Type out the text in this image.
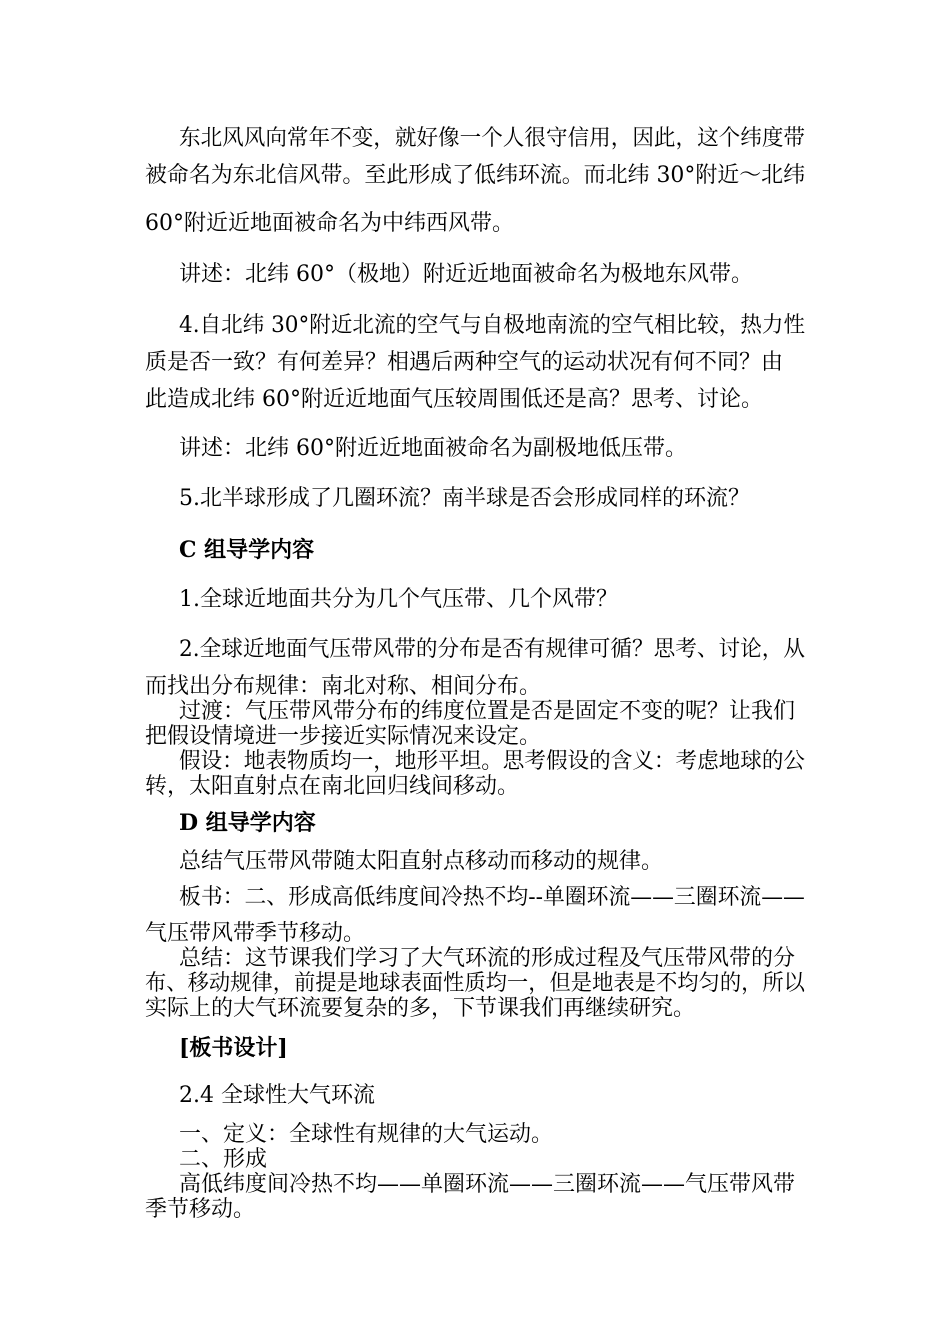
东北风风向常年不变，就好像一个人很守信用，因此，这个纬度带
被命名为东北信风带。至此形成了低纬环流。而北纬 30°附近～北纬
60°附近近地面被命名为中纬西风带。
讲述：北纬 60°（极地）附近近地面被命名为极地东风带。
4.自北纬 30°附近北流的空气与自极地南流的空气相比较，热力性
质是否一致？有何差异？相遇后两种空气的运动状况有何不同？由
此造成北纬 60°附近近地面气压较周围低还是高？思考、讨论。
讲述：北纬 60°附近近地面被命名为副极地低压带。
5.北半球形成了几圈环流？南半球是否会形成同样的环流？
C 组导学内容
1.全球近地面共分为几个气压带、几个风带？
2.全球近地面气压带风带的分布是否有规律可循？思考、讨论，从
而找出分布规律：南北对称、相间分布。
过渡：气压带风带分布的纬度位置是否是固定不变的呢？让我们
把假设情境进一步接近实际情况来设定。
假设：地表物质均一，地形平坦。思考假设的含义：考虑地球的公
转，太阳直射点在南北回归线间移动。
D 组导学内容
总结气压带风带随太阳直射点移动而移动的规律。
板书：二、形成高低纬度间冷热不均--单圈环流——三圈环流——
气压带风带季节移动。
总结：这节课我们学习了大气环流的形成过程及气压带风带的分
布、移动规律，前提是地球表面性质均一，但是地表是不均匀的，所以
实际上的大气环流要复杂的多，下节课我们再继续研究。
[板书设计]
2.4 全球性大气环流
一、定义：全球性有规律的大气运动。
二、形成
高低纬度间冷热不均——单圈环流——三圈环流——气压带风带
季节移动。
